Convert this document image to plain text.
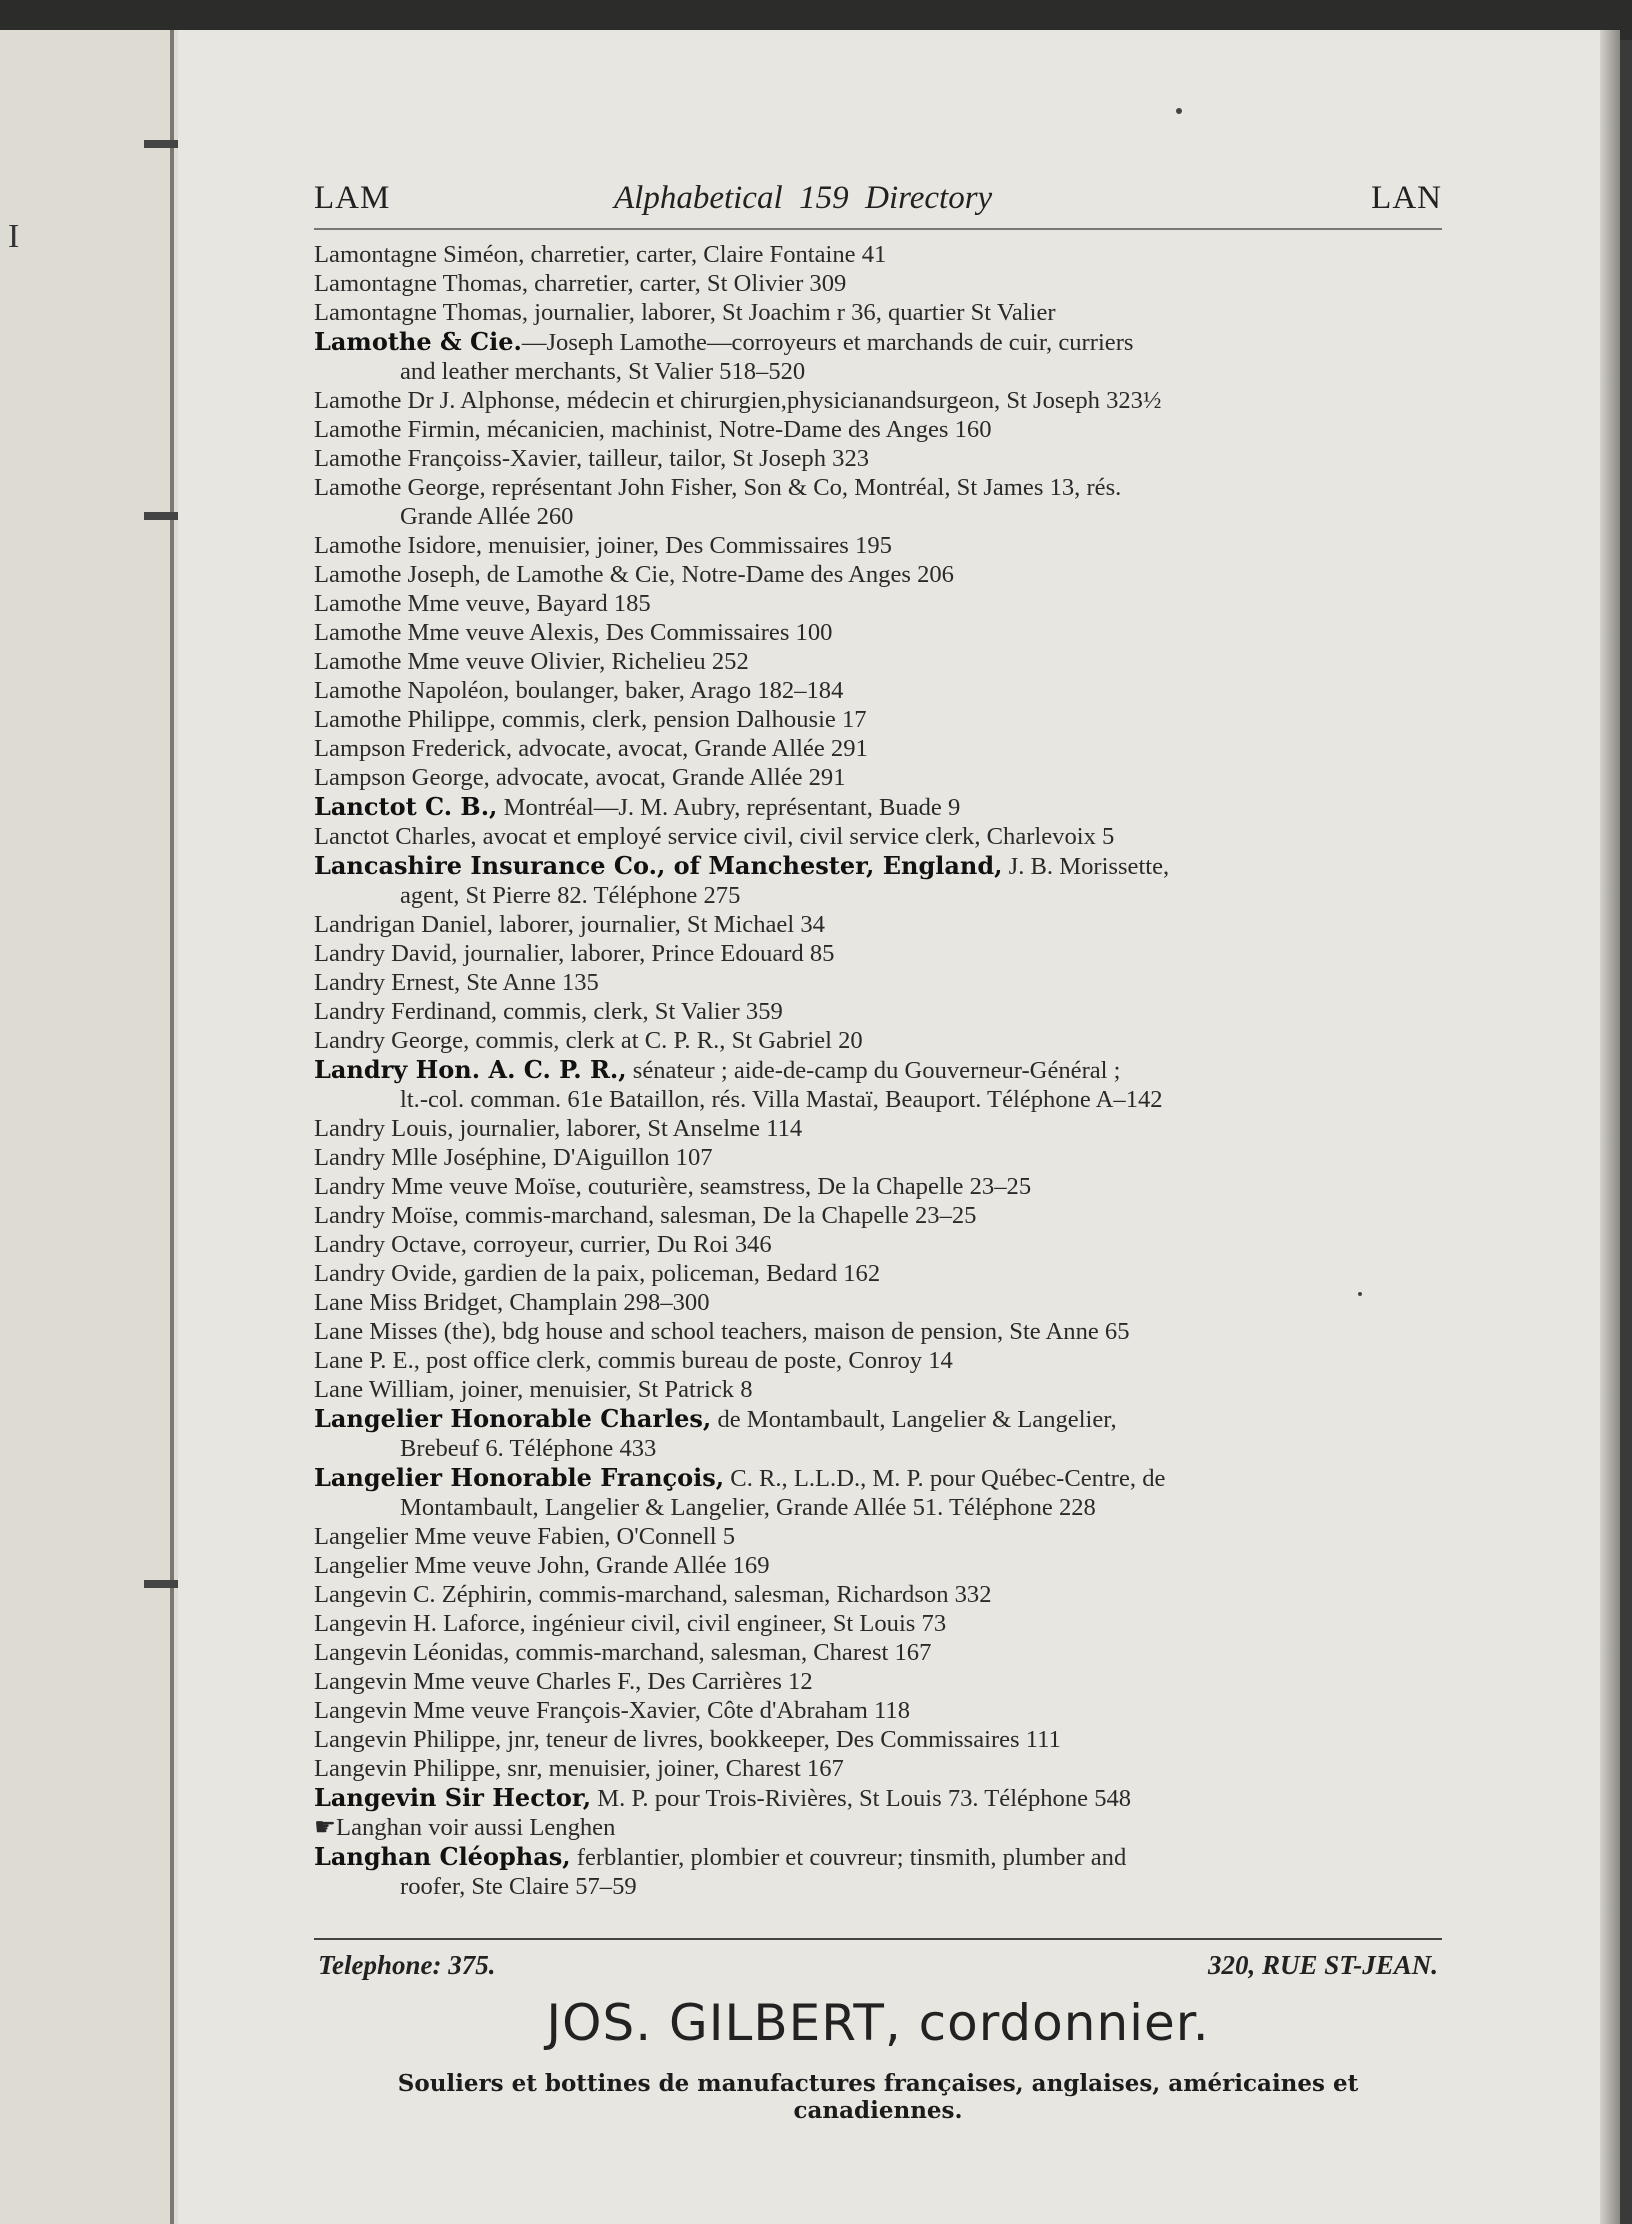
I
LAM	Alphabetical  159  Directory	LAN

Lamontagne Siméon, charretier, carter, Claire Fontaine 41

Lamontagne Thomas, charretier, carter, St Olivier 309

Lamontagne Thomas, journalier, laborer, St Joachim r 36, quartier St Valier

Lamothe & Cie.—Joseph Lamothe—corroyeurs et marchands de cuir, curriers
and leather merchants, St Valier 518–520

Lamothe Dr J. Alphonse, médecin et chirurgien,physicianandsurgeon, St Joseph 323½

Lamothe Firmin, mécanicien, machinist, Notre-Dame des Anges 160

Lamothe Françoiss-Xavier, tailleur, tailor, St Joseph 323

Lamothe George, représentant John Fisher, Son & Co, Montréal, St James 13, rés.
Grande Allée 260

Lamothe Isidore, menuisier, joiner, Des Commissaires 195

Lamothe Joseph, de Lamothe & Cie, Notre-Dame des Anges 206

Lamothe Mme veuve, Bayard 185

Lamothe Mme veuve Alexis, Des Commissaires 100

Lamothe Mme veuve Olivier, Richelieu 252

Lamothe Napoléon, boulanger, baker, Arago 182–184

Lamothe Philippe, commis, clerk, pension Dalhousie 17

Lampson Frederick, advocate, avocat, Grande Allée 291

Lampson George, advocate, avocat, Grande Allée 291

Lanctot C. B., Montréal—J. M. Aubry, représentant, Buade 9

Lanctot Charles, avocat et employé service civil, civil service clerk, Charlevoix 5

Lancashire Insurance Co., of Manchester, England, J. B. Morissette,
agent, St Pierre 82. Téléphone 275

Landrigan Daniel, laborer, journalier, St Michael 34

Landry David, journalier, laborer, Prince Edouard 85

Landry Ernest, Ste Anne 135

Landry Ferdinand, commis, clerk, St Valier 359

Landry George, commis, clerk at C. P. R., St Gabriel 20

Landry Hon. A. C. P. R., sénateur ; aide-de-camp du Gouverneur-Général ;
lt.-col. comman. 61e Bataillon, rés. Villa Mastaï, Beauport. Téléphone A–142

Landry Louis, journalier, laborer, St Anselme 114

Landry Mlle Joséphine, D'Aiguillon 107

Landry Mme veuve Moïse, couturière, seamstress, De la Chapelle 23–25

Landry Moïse, commis-marchand, salesman, De la Chapelle 23–25

Landry Octave, corroyeur, currier, Du Roi 346

Landry Ovide, gardien de la paix, policeman, Bedard 162

Lane Miss Bridget, Champlain 298–300

Lane Misses (the), bdg house and school teachers, maison de pension, Ste Anne 65

Lane P. E., post office clerk, commis bureau de poste, Conroy 14

Lane William, joiner, menuisier, St Patrick 8

Langelier Honorable Charles, de Montambault, Langelier & Langelier,
Brebeuf 6. Téléphone 433

Langelier Honorable François, C. R., L.L.D., M. P. pour Québec-Centre, de
Montambault, Langelier & Langelier, Grande Allée 51. Téléphone 228

Langelier Mme veuve Fabien, O'Connell 5

Langelier Mme veuve John, Grande Allée 169

Langevin C. Zéphirin, commis-marchand, salesman, Richardson 332

Langevin H. Laforce, ingénieur civil, civil engineer, St Louis 73

Langevin Léonidas, commis-marchand, salesman, Charest 167

Langevin Mme veuve Charles F., Des Carrières 12

Langevin Mme veuve François-Xavier, Côte d'Abraham 118

Langevin Philippe, jnr, teneur de livres, bookkeeper, Des Commissaires 111

Langevin Philippe, snr, menuisier, joiner, Charest 167

Langevin Sir Hector, M. P. pour Trois-Rivières, St Louis 73. Téléphone 548

☛Langhan voir aussi Lenghen

Langhan Cléophas, ferblantier, plombier et couvreur; tinsmith, plumber and
roofer, Ste Claire 57–59

Telephone: 375.	320, RUE ST-JEAN.
JOS. GILBERT, cordonnier.
Souliers et bottines de manufactures françaises, anglaises, américaines et canadiennes.
